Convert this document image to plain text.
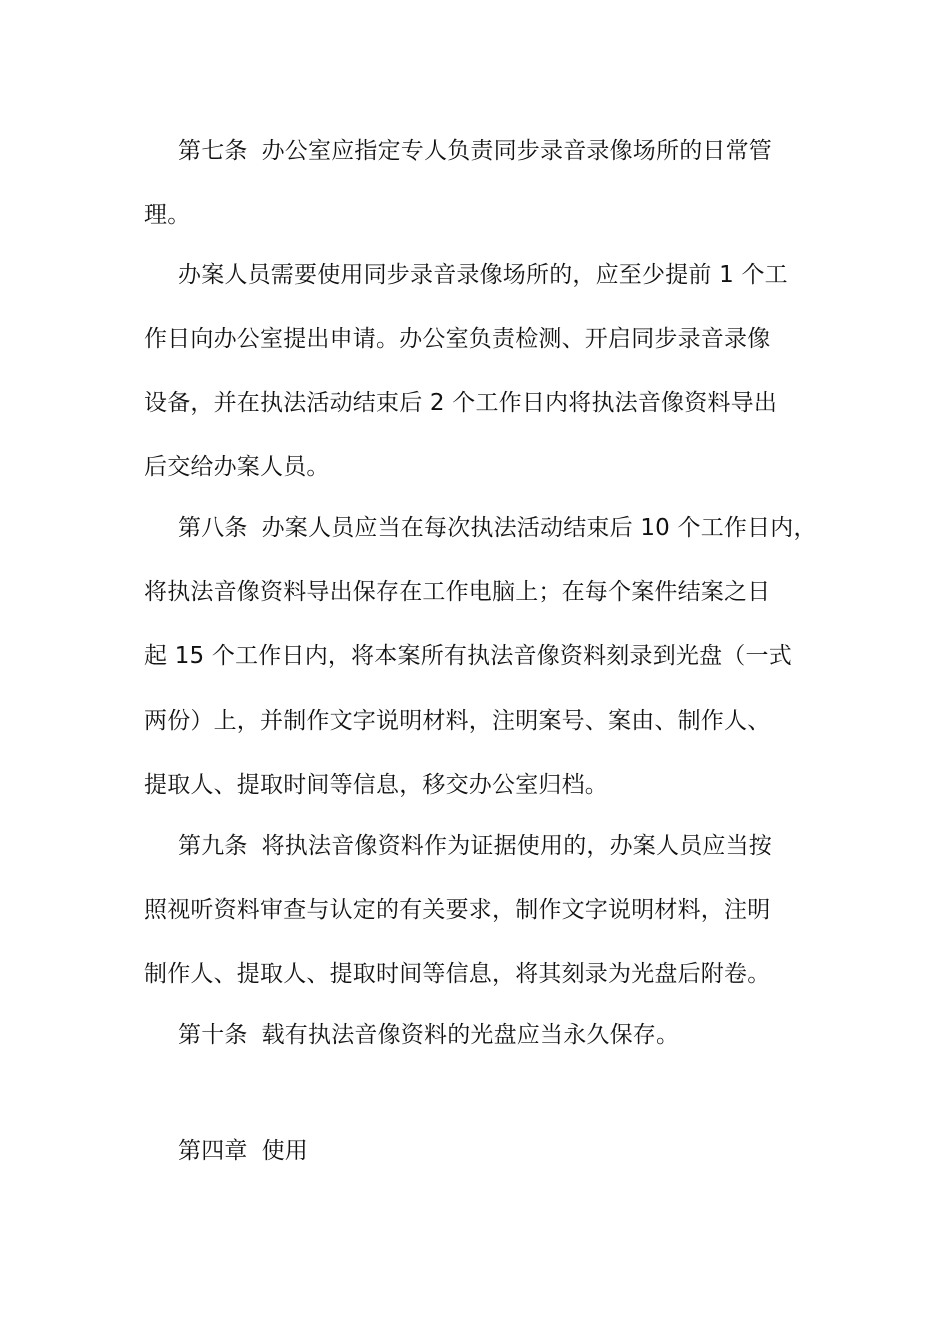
第七条 办公室应指定专人负责同步录音录像场所的日常管
理。
办案人员需要使用同步录音录像场所的，应至少提前 1 个工
作日向办公室提出申请。办公室负责检测、开启同步录音录像
设备，并在执法活动结束后 2 个工作日内将执法音像资料导出
后交给办案人员。
第八条 办案人员应当在每次执法活动结束后 10 个工作日内，
将执法音像资料导出保存在工作电脑上；在每个案件结案之日
起 15 个工作日内，将本案所有执法音像资料刻录到光盘（一式
两份）上，并制作文字说明材料，注明案号、案由、制作人、
提取人、提取时间等信息，移交办公室归档。
第九条 将执法音像资料作为证据使用的，办案人员应当按
照视听资料审查与认定的有关要求，制作文字说明材料，注明
制作人、提取人、提取时间等信息，将其刻录为光盘后附卷。
第十条 载有执法音像资料的光盘应当永久保存。
第四章 使用
